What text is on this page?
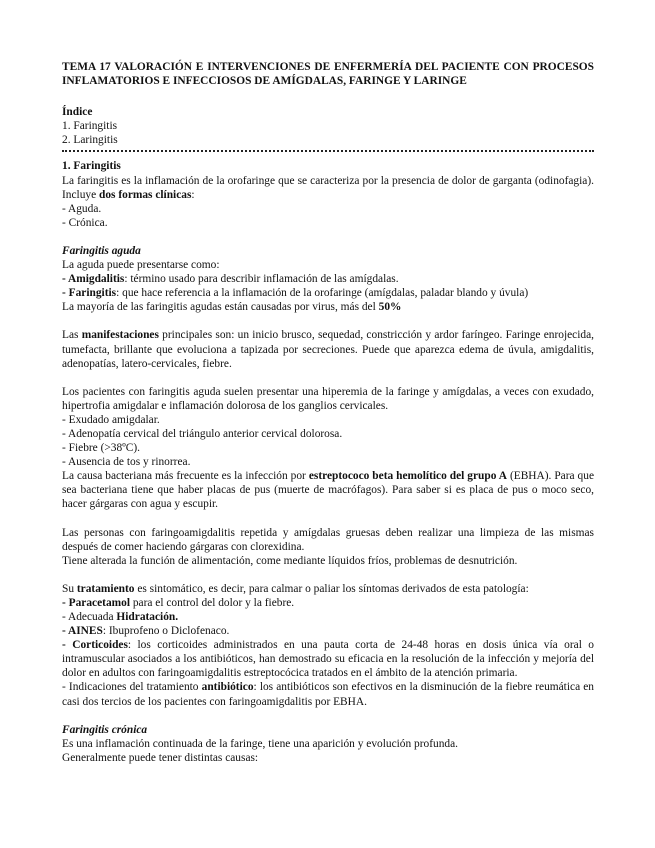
TEMA 17 VALORACIÓN E INTERVENCIONES DE ENFERMERÍA DEL PACIENTE CON PROCESOS INFLAMATORIOS E INFECCIOSOS DE AMÍGDALAS, FARINGE Y LARINGE

Índice

1. Faringitis

2. Laringitis

1. Faringitis

La faringitis es la inflamación de la orofaringe que se caracteriza por la presencia de dolor de garganta (odinofagia). Incluye dos formas clínicas:

- Aguda.

- Crónica.

Faringitis aguda

La aguda puede presentarse como:

- Amigdalitis: término usado para describir inflamación de las amígdalas.

- Faringitis: que hace referencia a la inflamación de la orofaringe (amígdalas, paladar blando y úvula)

La mayoría de las faringitis agudas están causadas por virus, más del 50%

Las manifestaciones principales son: un inicio brusco, sequedad, constricción y ardor faríngeo. Faringe enrojecida, tumefacta, brillante que evoluciona a tapizada por secreciones. Puede que aparezca edema de úvula, amigdalitis, adenopatías, latero-cervicales, fiebre.

Los pacientes con faringitis aguda suelen presentar una hiperemia de la faringe y amígdalas, a veces con exudado, hipertrofia amigdalar e inflamación dolorosa de los ganglios cervicales.

- Exudado amigdalar.

- Adenopatía cervical del triángulo anterior cervical dolorosa.

- Fiebre (>38ºC).

- Ausencia de tos y rinorrea.

La causa bacteriana más frecuente es la infección por estreptococo beta hemolítico del grupo A (EBHA). Para que sea bacteriana tiene que haber placas de pus (muerte de macrófagos). Para saber si es placa de pus o moco seco, hacer gárgaras con agua y escupir.

Las personas con faringoamigdalitis repetida y amígdalas gruesas deben realizar una limpieza de las mismas después de comer haciendo gárgaras con clorexidina.

Tiene alterada la función de alimentación, come mediante líquidos fríos, problemas de desnutrición.

Su tratamiento es sintomático, es decir, para calmar o paliar los síntomas derivados de esta patología:

- Paracetamol para el control del dolor y la fiebre.

- Adecuada Hidratación.

- AINES: Ibuprofeno o Diclofenaco.

- Corticoides: los corticoides administrados en una pauta corta de 24-48 horas en dosis única vía oral o intramuscular asociados a los antibióticos, han demostrado su eficacia en la resolución de la infección y mejoría del dolor en adultos con faringoamigdalitis estreptocócica tratados en el ámbito de la atención primaria.

- Indicaciones del tratamiento antibiótico: los antibióticos son efectivos en la disminución de la fiebre reumática en casi dos tercios de los pacientes con faringoamigdalitis por EBHA.

Faringitis crónica

Es una inflamación continuada de la faringe, tiene una aparición y evolución profunda.

Generalmente puede tener distintas causas:
